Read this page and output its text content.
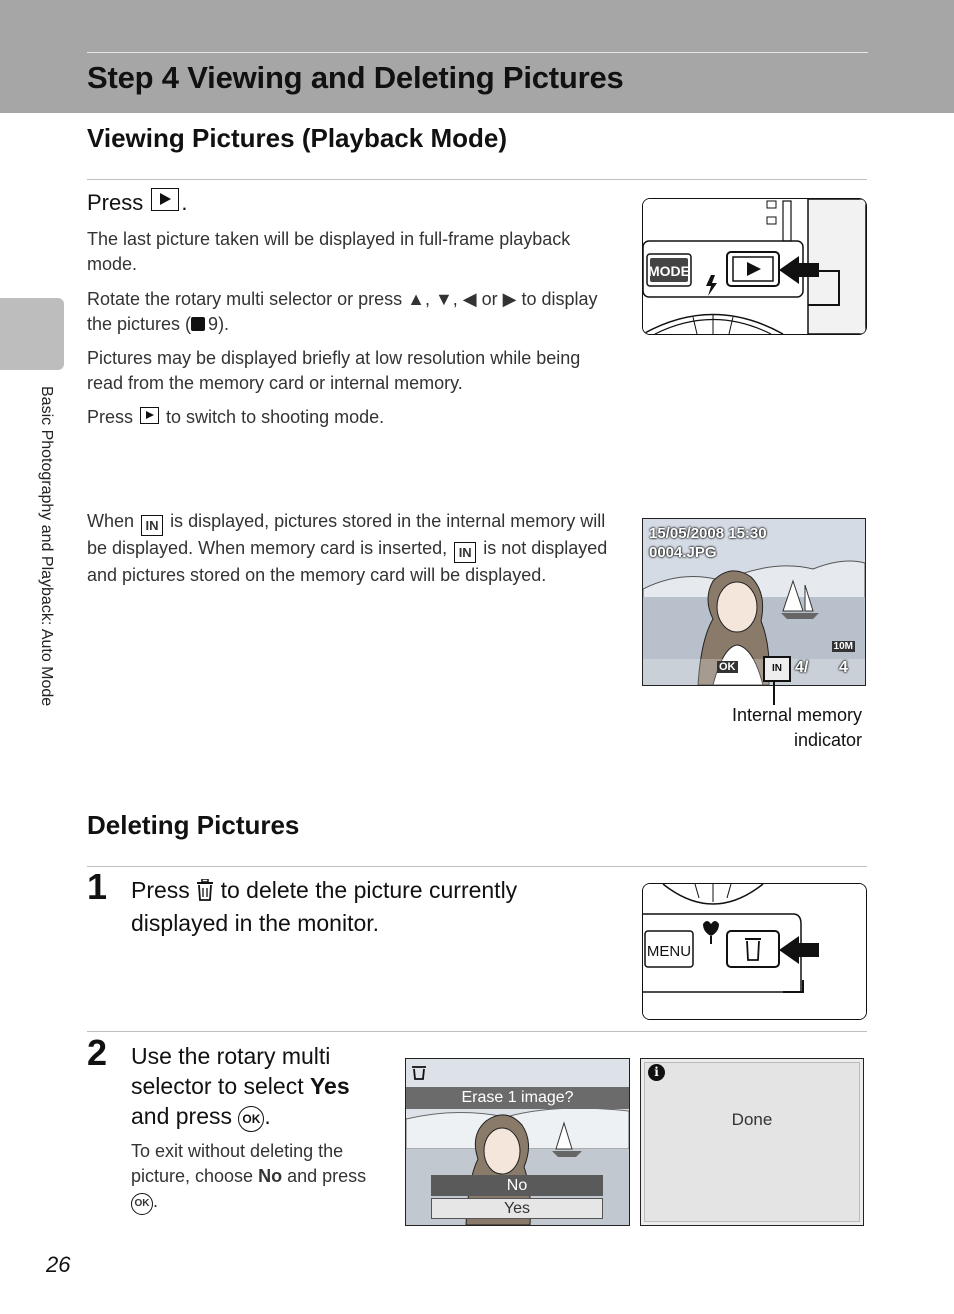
Step 4 Viewing and Deleting Pictures
Basic Photography and Playback: Auto Mode
Viewing Pictures (Playback Mode)
Press .

The last picture taken will be displayed in full-frame playback mode.

Rotate the rotary multi selector or press ▲, ▼, ◀ or ▶ to display the pictures ( 9).

Pictures may be displayed briefly at low resolution while being read from the memory card or internal memory.

Press to switch to shooting mode.

When IN is displayed, pictures stored in the internal memory will be displayed. When memory card is inserted, IN is not displayed and pictures stored on the memory card will be displayed.

MODE
15/05/2008 15:30
0004.JPG
10M
OK	IN 4/ 4
Internal memory
indicator
Deleting Pictures
1 Press to delete the picture currently displayed in the monitor.

MENU
2 Use the rotary multi selector to select Yes and press OK .

To exit without deleting the picture, choose No and press OK .

Erase 1 image?
No
Yes
i
Done
26
